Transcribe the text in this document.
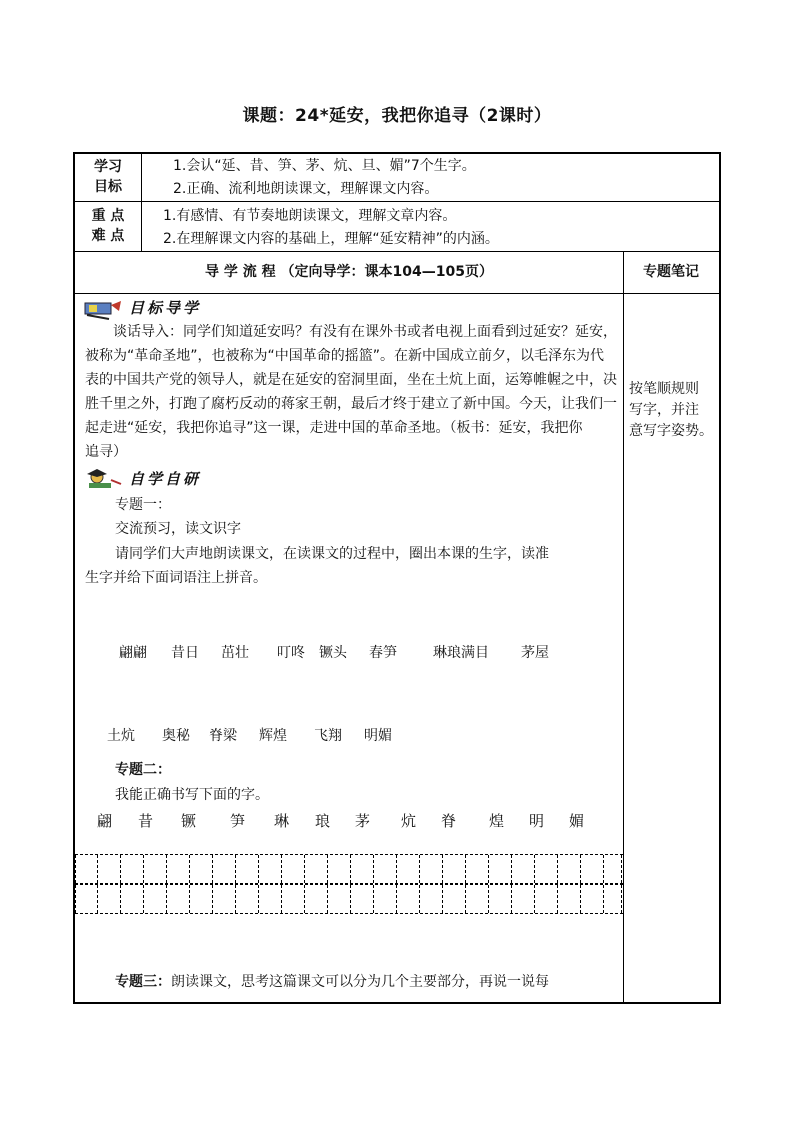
课题：24*延安，我把你追寻（2课时）
学习
目标
1.会认“延、昔、笋、茅、炕、旦、媚”7个生字。
2.正确、流利地朗读课文，理解课文内容。
重 点
难 点
1.有感情、有节奏地朗读课文，理解文章内容。
2.在理解课文内容的基础上，理解“延安精神”的内涵。
导 学 流 程 （定向导学：课本104—105页）	专题笔记
按笔顺规则
写字，并注
意写字姿势。
目标导学
谈话导入：同学们知道延安吗？有没有在课外书或者电视上面看到过延安？延安，
被称为“革命圣地”，也被称为“中国革命的摇篮”。在新中国成立前夕，以毛泽东为代
表的中国共产党的领导人，就是在延安的窑洞里面，坐在土炕上面，运筹帷幄之中，决
胜千里之外，打跑了腐朽反动的蒋家王朝，最后才终于建立了新中国。今天，让我们一
起走进“延安，我把你追寻”这一课，走进中国的革命圣地。（板书：延安，我把你
追寻）
自学自研
专题一：
交流预习，读文识字
请同学们大声地朗读课文，在读课文的过程中，圈出本课的生字，读准
生字并给下面词语注上拼音。
翩翩 昔日 茁壮 叮咚 镢头 春笋	琳琅满目 茅屋
土炕 奥秘 脊梁 辉煌 飞翔 明媚
专题二：
我能正确书写下面的字。
翩 昔 镢 笋 琳 琅 茅 炕 脊 煌 明 媚
专题三：朗读课文，思考这篇课文可以分为几个主要部分，再说一说每
